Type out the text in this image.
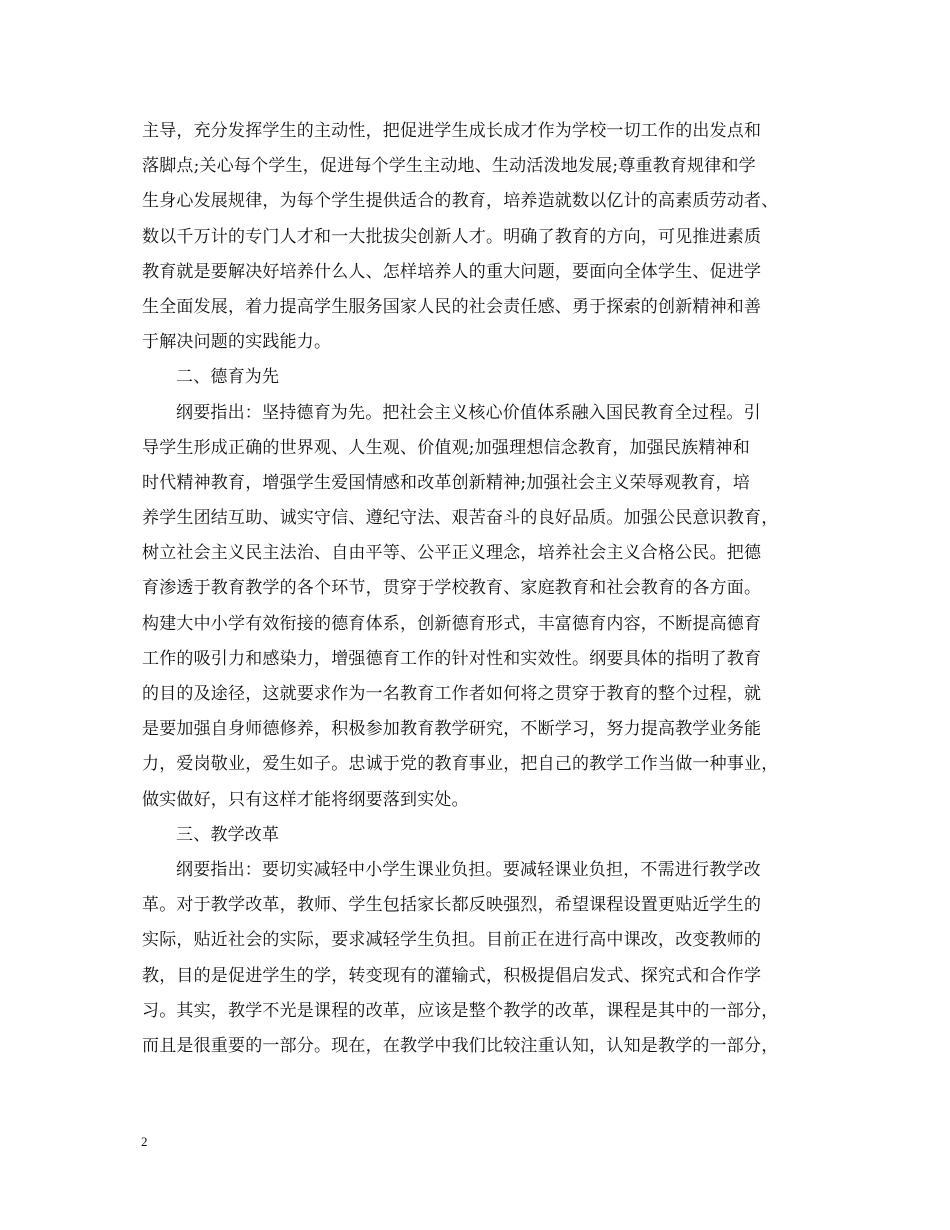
主导，充分发挥学生的主动性，把促进学生成长成才作为学校一切工作的出发点和
落脚点;关心每个学生，促进每个学生主动地、生动活泼地发展;尊重教育规律和学
生身心发展规律，为每个学生提供适合的教育，培养造就数以亿计的高素质劳动者、
数以千万计的专门人才和一大批拔尖创新人才。明确了教育的方向，可见推进素质
教育就是要解决好培养什么人、怎样培养人的重大问题，要面向全体学生、促进学
生全面发展，着力提高学生服务国家人民的社会责任感、勇于探索的创新精神和善
于解决问题的实践能力。
二、德育为先
纲要指出：坚持德育为先。把社会主义核心价值体系融入国民教育全过程。引
导学生形成正确的世界观、人生观、价值观;加强理想信念教育，加强民族精神和
时代精神教育，增强学生爱国情感和改革创新精神;加强社会主义荣辱观教育，培
养学生团结互助、诚实守信、遵纪守法、艰苦奋斗的良好品质。加强公民意识教育，
树立社会主义民主法治、自由平等、公平正义理念，培养社会主义合格公民。把德
育渗透于教育教学的各个环节，贯穿于学校教育、家庭教育和社会教育的各方面。
构建大中小学有效衔接的德育体系，创新德育形式，丰富德育内容，不断提高德育
工作的吸引力和感染力，增强德育工作的针对性和实效性。纲要具体的指明了教育
的目的及途径，这就要求作为一名教育工作者如何将之贯穿于教育的整个过程，就
是要加强自身师德修养，积极参加教育教学研究，不断学习，努力提高教学业务能
力，爱岗敬业，爱生如子。忠诚于党的教育事业，把自己的教学工作当做一种事业，
做实做好，只有这样才能将纲要落到实处。
三、教学改革
纲要指出：要切实减轻中小学生课业负担。要减轻课业负担，不需进行教学改
革。对于教学改革，教师、学生包括家长都反映强烈，希望课程设置更贴近学生的
实际，贴近社会的实际，要求减轻学生负担。目前正在进行高中课改，改变教师的
教，目的是促进学生的学，转变现有的灌输式，积极提倡启发式、探究式和合作学
习。其实，教学不光是课程的改革，应该是整个教学的改革，课程是其中的一部分，
而且是很重要的一部分。现在，在教学中我们比较注重认知，认知是教学的一部分，
2
